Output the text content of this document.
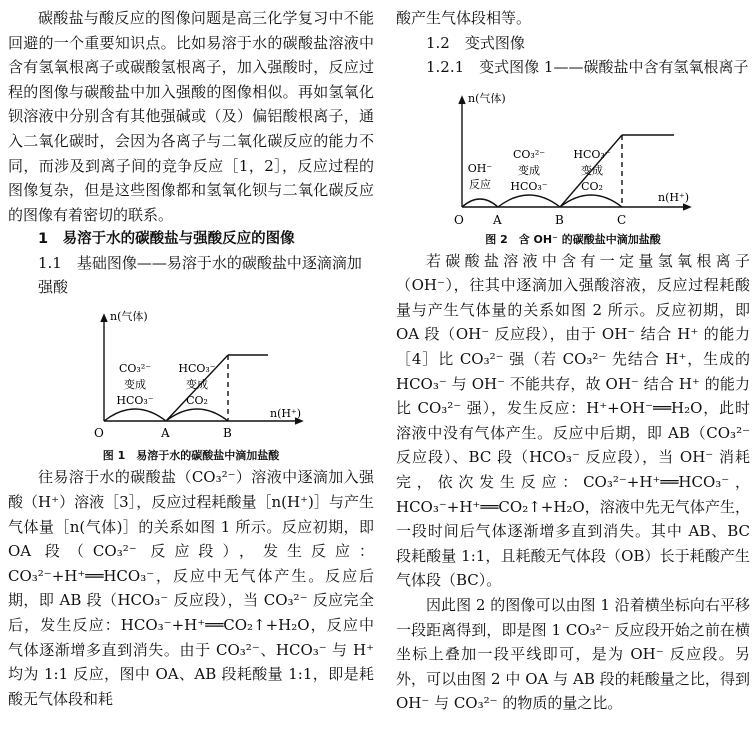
碳酸盐与酸反应的图像问题是高三化学复习中不能回避的一个重要知识点。比如易溶于水的碳酸盐溶液中含有氢氧根离子或碳酸氢根离子，加入强酸时，反应过程的图像与碳酸盐中加入强酸的图像相似。再如氢氧化钡溶液中分别含有其他强碱或（及）偏铝酸根离子，通入二氧化碳时，会因为各离子与二氧化碳反应的能力不同，而涉及到离子间的竞争反应［1，2］，反应过程的图像复杂，但是这些图像都和氢氧化钡与二氧化碳反应的图像有着密切的联系。

1　易溶于水的碳酸盐与强酸反应的图像

1.1　基础图像——易溶于水的碳酸盐中逐滴滴加强酸

n(气体)
n(H⁺)
O	A	B
CO₃²⁻
变成
HCO₃⁻
HCO₃⁻
变成
CO₂

图 1　易溶于水的碳酸盐中滴加盐酸

往易溶于水的碳酸盐（CO₃²⁻）溶液中逐滴加入强酸（H⁺）溶液［3］，反应过程耗酸量［n(H⁺)］与产生气体量［n(气体)］的关系如图 1 所示。反应初期，即 OA 段（CO₃²⁻ 反应段），发生反应：CO₃²⁻+H⁺══HCO₃⁻，反应中无气体产生。反应后期，即 AB 段（HCO₃⁻ 反应段），当 CO₃²⁻ 反应完全后，发生反应：HCO₃⁻+H⁺══CO₂↑+H₂O，反应中气体逐渐增多直到消失。由于 CO₃²⁻、HCO₃⁻ 与 H⁺ 均为 1:1 反应，图中 OA、AB 段耗酸量 1:1，即是耗酸无气体段和耗

酸产生气体段相等。

1.2　变式图像

1.2.1　变式图像 1——碳酸盐中含有氢氧根离子

n(气体)
n(H⁺)
O A	B	C
OH⁻
反应
CO₃²⁻
变成
HCO₃⁻
HCO₃⁻
变成
CO₂

图 2　含 OH⁻ 的碳酸盐中滴加盐酸

若碳酸盐溶液中含有一定量氢氧根离子（OH⁻），往其中逐滴加入强酸溶液，反应过程耗酸量与产生气体量的关系如图 2 所示。反应初期，即 OA 段（OH⁻ 反应段），由于 OH⁻ 结合 H⁺ 的能力［4］比 CO₃²⁻ 强（若 CO₃²⁻ 先结合 H⁺，生成的 HCO₃⁻ 与 OH⁻ 不能共存，故 OH⁻ 结合 H⁺ 的能力比 CO₃²⁻ 强），发生反应：H⁺+OH⁻══H₂O，此时溶液中没有气体产生。反应中后期，即 AB（CO₃²⁻ 反应段）、BC 段（HCO₃⁻ 反应段），当 OH⁻ 消耗完，依次发生反应：CO₃²⁻+H⁺══HCO₃⁻，HCO₃⁻+H⁺══CO₂↑+H₂O，溶液中先无气体产生，一段时间后气体逐渐增多直到消失。其中 AB、BC 段耗酸量 1:1，且耗酸无气体段（OB）长于耗酸产生气体段（BC）。

因此图 2 的图像可以由图 1 沿着横坐标向右平移一段距离得到，即是图 1 CO₃²⁻ 反应段开始之前在横坐标上叠加一段平线即可，是为 OH⁻ 反应段。另外，可以由图 2 中 OA 与 AB 段的耗酸量之比，得到 OH⁻ 与 CO₃²⁻ 的物质的量之比。
